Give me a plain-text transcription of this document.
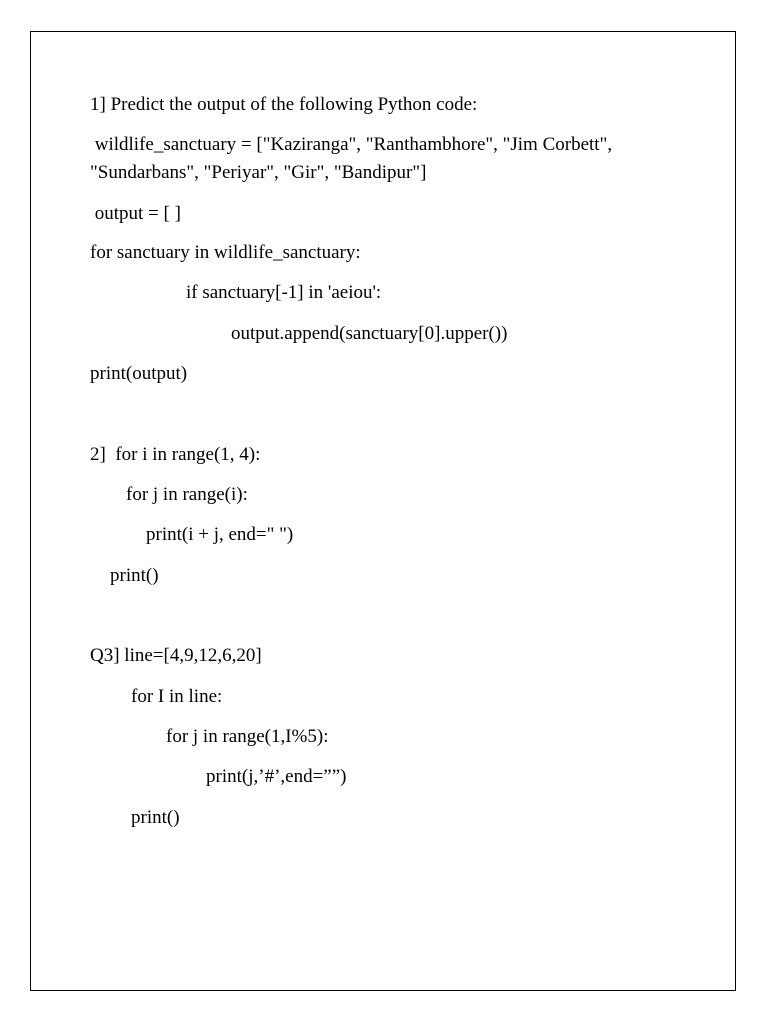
1] Predict the output of the following Python code:

wildlife_sanctuary = ["Kaziranga", "Ranthambhore", "Jim Corbett",

"Sundarbans", "Periyar", "Gir", "Bandipur"]

output = [ ]

for sanctuary in wildlife_sanctuary:

if sanctuary[-1] in 'aeiou':

output.append(sanctuary[0].upper())

print(output)

2]  for i in range(1, 4):

for j in range(i):

print(i + j, end=" ")

print()

Q3] line=[4,9,12,6,20]

for I in line:

for j in range(1,I%5):

print(j,’#’,end=””)

print()
